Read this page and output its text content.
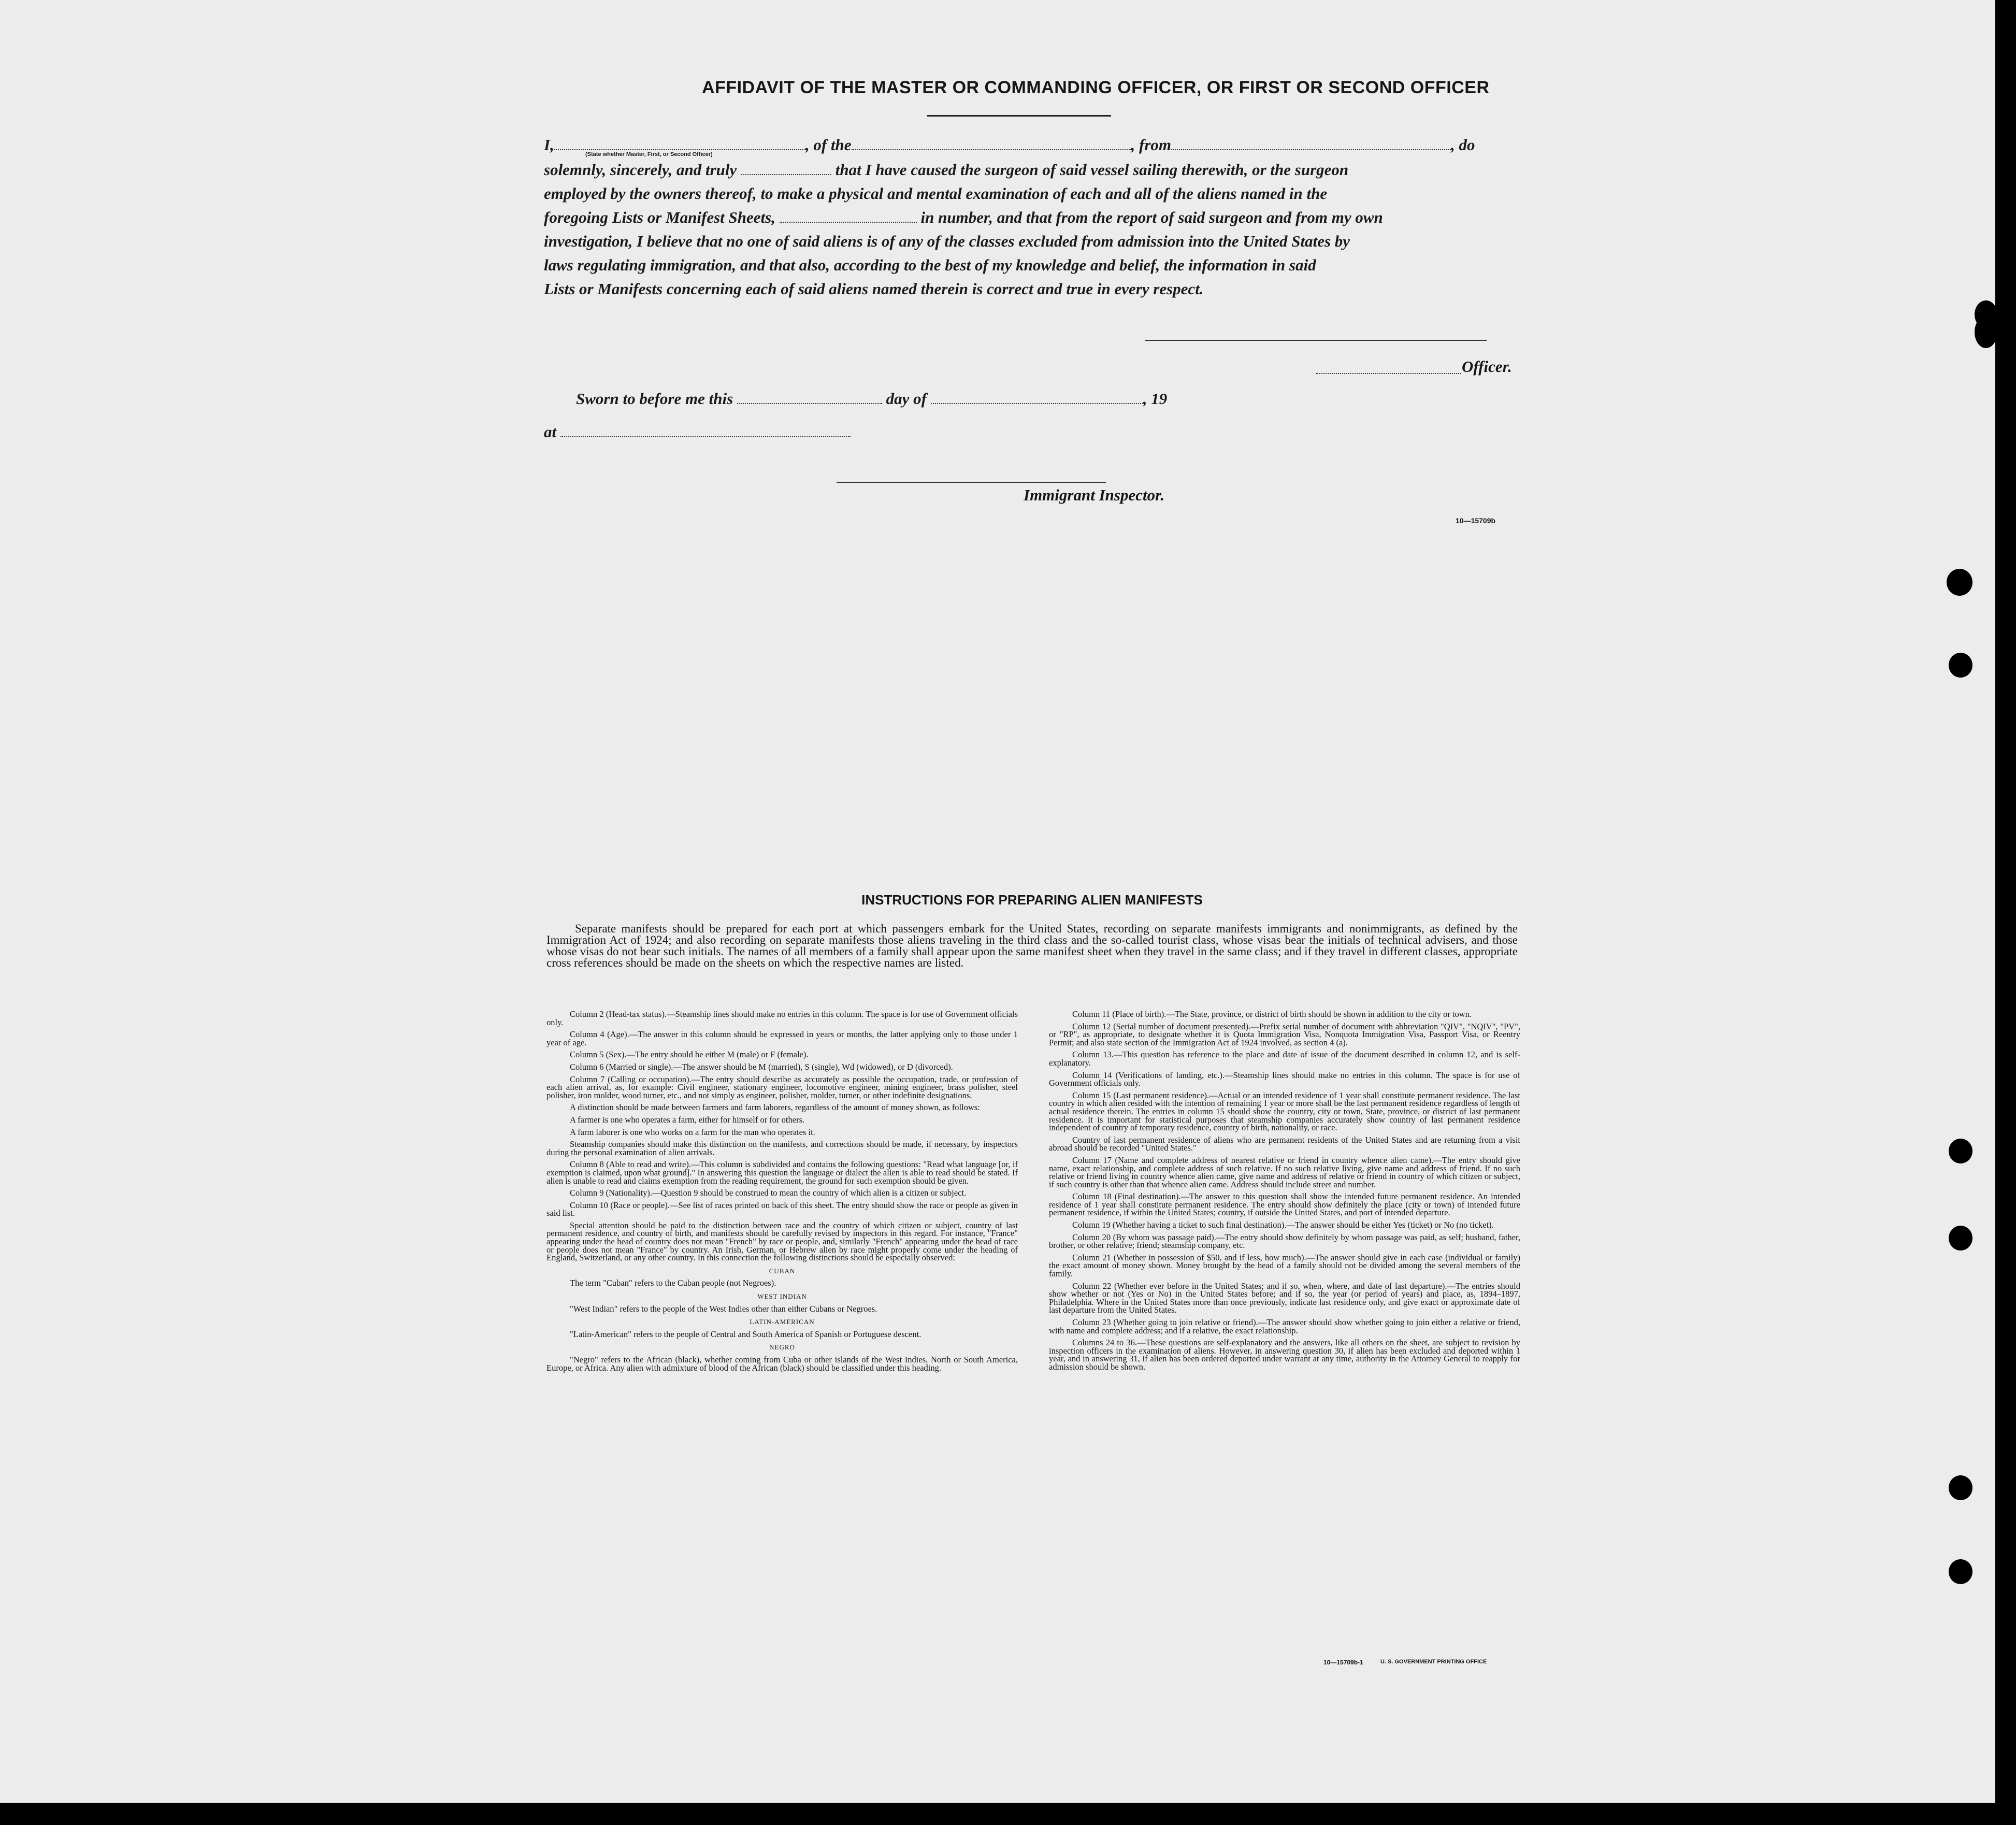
AFFIDAVIT OF THE MASTER OR COMMANDING OFFICER, OR FIRST OR SECOND OFFICER
I,	, of the	, from	, do
(State whether Master, First, or Second Officer)
solemnly, sincerely, and truly	that I have caused the surgeon of said vessel sailing therewith, or the surgeon
employed by the owners thereof, to make a physical and mental examination of each and all of the aliens named in the
foregoing Lists or Manifest Sheets,	in number, and that from the report of said surgeon and from my own
investigation, I believe that no one of said aliens is of any of the classes excluded from admission into the United States by
laws regulating immigration, and that also, according to the best of my knowledge and belief, the information in said
Lists or Manifests concerning each of said aliens named therein is correct and true in every respect.
Officer.
Sworn to before me this	day of	, 19
at
Immigrant Inspector.
10—15709b
INSTRUCTIONS FOR PREPARING ALIEN MANIFESTS
Separate manifests should be prepared for each port at which passengers embark for the United States, recording on separate manifests immigrants and nonimmigrants, as defined by the Immigration Act of 1924; and also recording on separate manifests those aliens traveling in the third class and the so-called tourist class, whose visas bear the initials of technical advisers, and those whose visas do not bear such initials. The names of all members of a family shall appear upon the same manifest sheet when they travel in the same class; and if they travel in different classes, appropriate cross references should be made on the sheets on which the respective names are listed.

Column 2 (Head-tax status).—Steamship lines should make no entries in this column. The space is for use of Government officials only.

Column 4 (Age).—The answer in this column should be expressed in years or months, the latter applying only to those under 1 year of age.

Column 5 (Sex).—The entry should be either M (male) or F (female).

Column 6 (Married or single).—The answer should be M (married), S (single), Wd (widowed), or D (divorced).

Column 7 (Calling or occupation).—The entry should describe as accurately as possible the occupation, trade, or profession of each alien arrival, as, for example: Civil engineer, stationary engineer, locomotive engineer, mining engineer, brass polisher, steel polisher, iron molder, wood turner, etc., and not simply as engineer, polisher, molder, turner, or other indefinite designations.

A distinction should be made between farmers and farm laborers, regardless of the amount of money shown, as follows:

A farmer is one who operates a farm, either for himself or for others.

A farm laborer is one who works on a farm for the man who operates it.

Steamship companies should make this distinction on the manifests, and corrections should be made, if necessary, by inspectors during the personal examination of alien arrivals.

Column 8 (Able to read and write).—This column is subdivided and contains the following questions: "Read what language [or, if exemption is claimed, upon what ground]." In answering this question the language or dialect the alien is able to read should be stated. If alien is unable to read and claims exemption from the reading requirement, the ground for such exemption should be given.

Column 9 (Nationality).—Question 9 should be construed to mean the country of which alien is a citizen or subject.

Column 10 (Race or people).—See list of races printed on back of this sheet. The entry should show the race or people as given in said list.

Special attention should be paid to the distinction between race and the country of which citizen or subject, country of last permanent residence, and country of birth, and manifests should be carefully revised by inspectors in this regard. For instance, "France" appearing under the head of country does not mean "French" by race or people, and, similarly "French" appearing under the head of race or people does not mean "France" by country. An Irish, German, or Hebrew alien by race might properly come under the heading of England, Switzerland, or any other country. In this connection the following distinctions should be especially observed:

CUBAN

The term "Cuban" refers to the Cuban people (not Negroes).

WEST INDIAN

"West Indian" refers to the people of the West Indies other than either Cubans or Negroes.

LATIN-AMERICAN

"Latin-American" refers to the people of Central and South America of Spanish or Portuguese descent.

NEGRO

"Negro" refers to the African (black), whether coming from Cuba or other islands of the West Indies, North or South America, Europe, or Africa. Any alien with admixture of blood of the African (black) should be classified under this heading.

Column 11 (Place of birth).—The State, province, or district of birth should be shown in addition to the city or town.

Column 12 (Serial number of document presented).—Prefix serial number of document with abbreviation "QIV", "NQIV", "PV", or "RP", as appropriate, to designate whether it is Quota Immigration Visa, Nonquota Immigration Visa, Passport Visa, or Reentry Permit; and also state section of the Immigration Act of 1924 involved, as section 4 (a).

Column 13.—This question has reference to the place and date of issue of the document described in column 12, and is self-explanatory.

Column 14 (Verifications of landing, etc.).—Steamship lines should make no entries in this column. The space is for use of Government officials only.

Column 15 (Last permanent residence).—Actual or an intended residence of 1 year shall constitute permanent residence. The last country in which alien resided with the intention of remaining 1 year or more shall be the last permanent residence regardless of length of actual residence therein. The entries in column 15 should show the country, city or town, State, province, or district of last permanent residence. It is important for statistical purposes that steamship companies accurately show country of last permanent residence independent of country of temporary residence, country of birth, nationality, or race.

Country of last permanent residence of aliens who are permanent residents of the United States and are returning from a visit abroad should be recorded "United States."

Column 17 (Name and complete address of nearest relative or friend in country whence alien came).—The entry should give name, exact relationship, and complete address of such relative. If no such relative living, give name and address of friend. If no such relative or friend living in country whence alien came, give name and address of relative or friend in country of which citizen or subject, if such country is other than that whence alien came. Address should include street and number.

Column 18 (Final destination).—The answer to this question shall show the intended future permanent residence. An intended residence of 1 year shall constitute permanent residence. The entry should show definitely the place (city or town) of intended future permanent residence, if within the United States; country, if outside the United States, and port of intended departure.

Column 19 (Whether having a ticket to such final destination).—The answer should be either Yes (ticket) or No (no ticket).

Column 20 (By whom was passage paid).—The entry should show definitely by whom passage was paid, as self; husband, father, brother, or other relative; friend; steamship company, etc.

Column 21 (Whether in possession of $50, and if less, how much).—The answer should give in each case (individual or family) the exact amount of money shown. Money brought by the head of a family should not be divided among the several members of the family.

Column 22 (Whether ever before in the United States; and if so, when, where, and date of last departure).—The entries should show whether or not (Yes or No) in the United States before; and if so, the year (or period of years) and place, as, 1894–1897, Philadelphia. Where in the United States more than once previously, indicate last residence only, and give exact or approximate date of last departure from the United States.

Column 23 (Whether going to join relative or friend).—The answer should show whether going to join either a relative or friend, with name and complete address; and if a relative, the exact relationship.

Columns 24 to 36.—These questions are self-explanatory and the answers, like all others on the sheet, are subject to revision by inspection officers in the examination of aliens. However, in answering question 30, if alien has been excluded and deported within 1 year, and in answering 31, if alien has been ordered deported under warrant at any time, authority in the Attorney General to reapply for admission should be shown.

10—15709b-1	U. S. GOVERNMENT PRINTING OFFICE
